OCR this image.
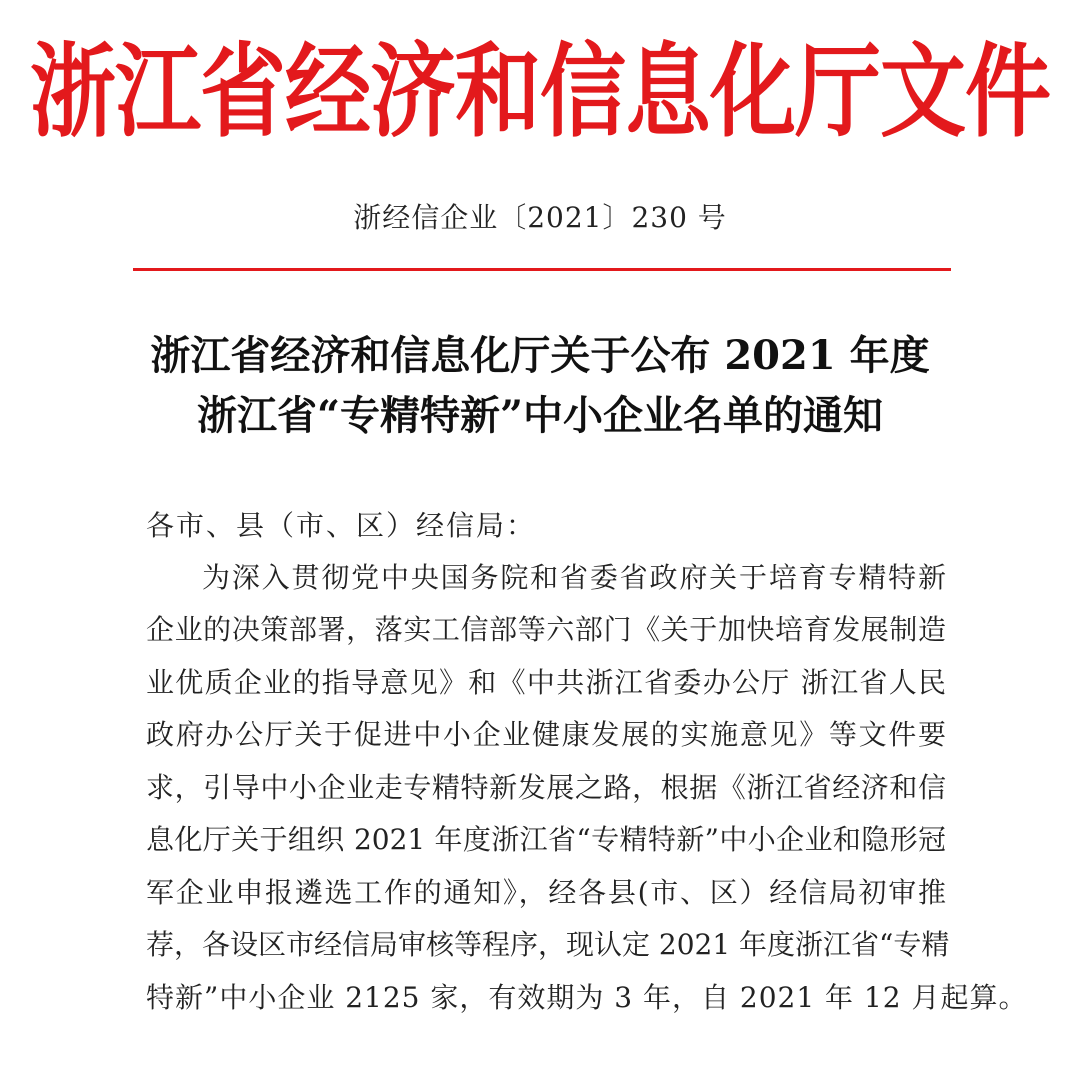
浙江省经济和信息化厅文件
浙经信企业〔2021〕230 号
浙江省经济和信息化厅关于公布 2021 年度
浙江省“专精特新”中小企业名单的通知
各市、县（市、区）经信局：
为深入贯彻党中央国务院和省委省政府关于培育专精特新
企业的决策部署，落实工信部等六部门《关于加快培育发展制造
业优质企业的指导意见》和《中共浙江省委办公厅 浙江省人民
政府办公厅关于促进中小企业健康发展的实施意见》等文件要
求，引导中小企业走专精特新发展之路，根据《浙江省经济和信
息化厅关于组织 2021 年度浙江省“专精特新”中小企业和隐形冠
军企业申报遴选工作的通知》，经各县(市、区）经信局初审推
荐，各设区市经信局审核等程序，现认定 2021 年度浙江省“专精
特新”中小企业 2125 家，有效期为 3 年，自 2021 年 12 月起算。
